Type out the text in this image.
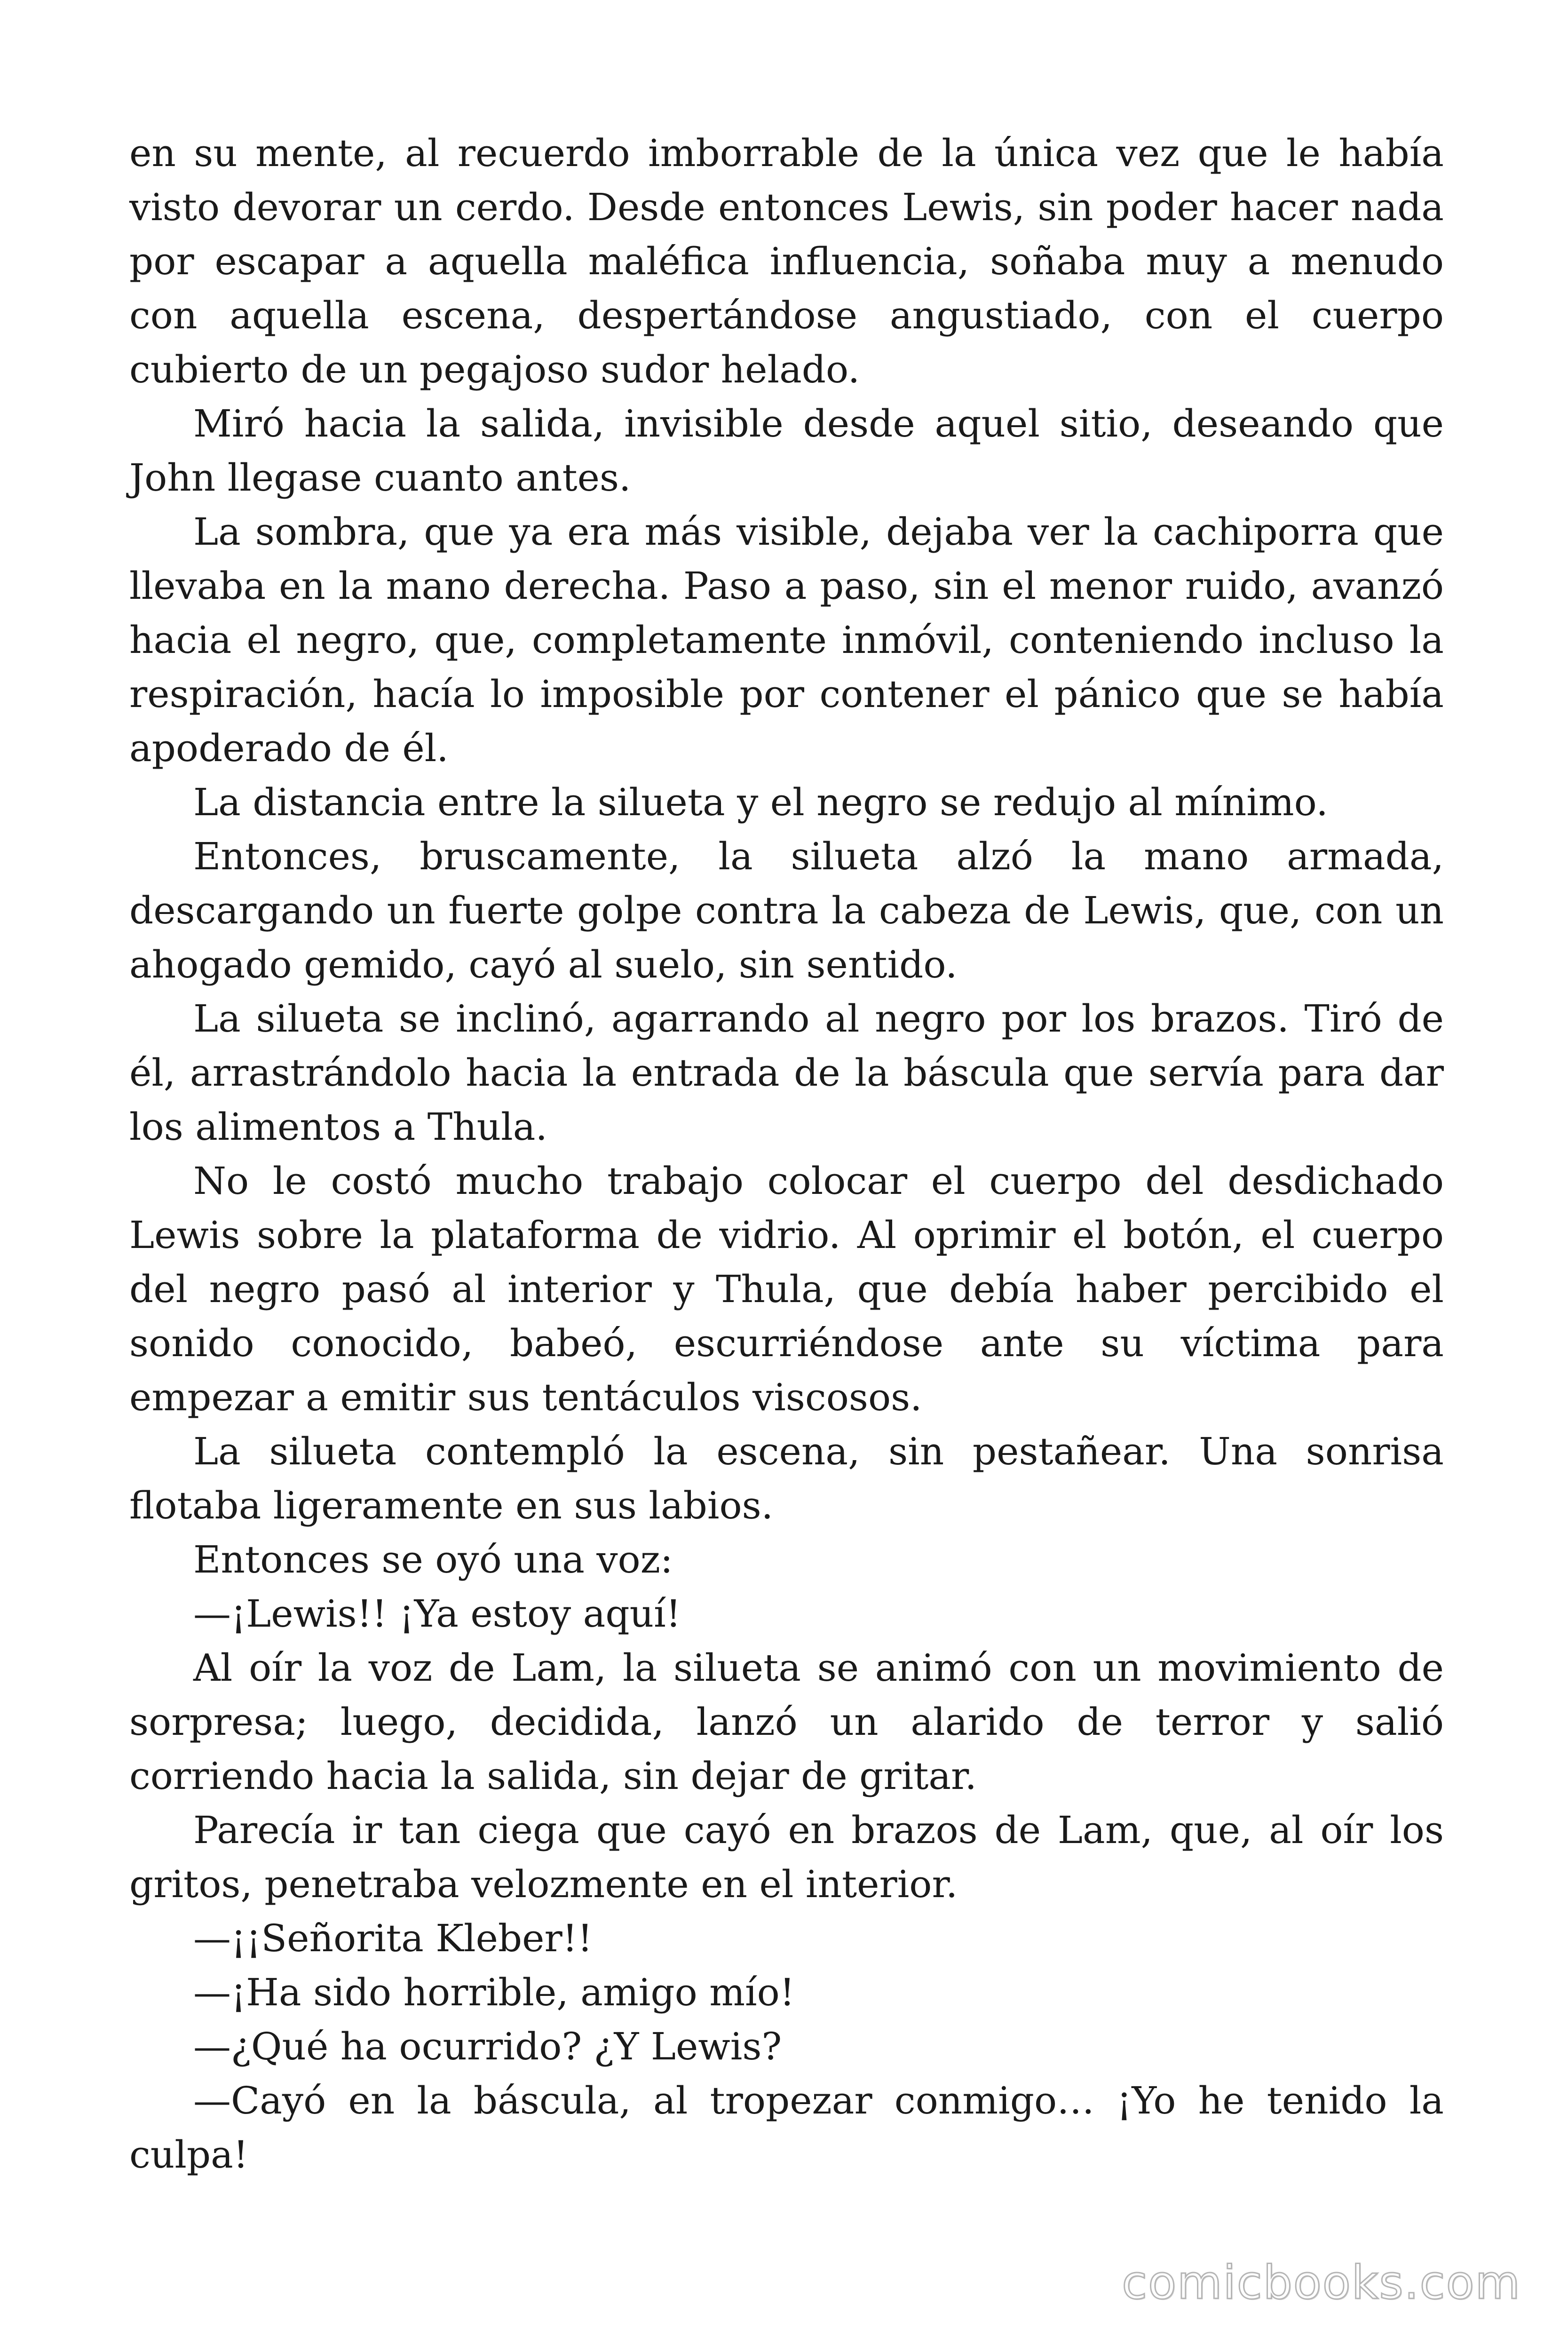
en su mente, al recuerdo imborrable de la única vez que le había visto devorar un cerdo. Desde entonces Lewis, sin poder hacer nada por escapar a aquella maléfica influencia, soñaba muy a menudo con aquella escena, despertándose angustiado, con el cuerpo cubierto de un pegajoso sudor helado.

Miró hacia la salida, invisible desde aquel sitio, deseando que John llegase cuanto antes.

La sombra, que ya era más visible, dejaba ver la cachiporra que llevaba en la mano derecha. Paso a paso, sin el menor ruido, avanzó hacia el negro, que, completamente inmóvil, conteniendo incluso la respiración, hacía lo imposible por contener el pánico que se había apoderado de él.

La distancia entre la silueta y el negro se redujo al mínimo.

Entonces, bruscamente, la silueta alzó la mano armada, descargando un fuerte golpe contra la cabeza de Lewis, que, con un ahogado gemido, cayó al suelo, sin sentido.

La silueta se inclinó, agarrando al negro por los brazos. Tiró de él, arrastrándolo hacia la entrada de la báscula que servía para dar los alimentos a Thula.

No le costó mucho trabajo colocar el cuerpo del desdichado Lewis sobre la plataforma de vidrio. Al oprimir el botón, el cuerpo del negro pasó al interior y Thula, que debía haber percibido el sonido conocido, babeó, escurriéndose ante su víctima para empezar a emitir sus tentáculos viscosos.

La silueta contempló la escena, sin pestañear. Una sonrisa flotaba ligeramente en sus labios.

Entonces se oyó una voz:

—¡Lewis!! ¡Ya estoy aquí!

Al oír la voz de Lam, la silueta se animó con un movimiento de sorpresa; luego, decidida, lanzó un alarido de terror y salió corriendo hacia la salida, sin dejar de gritar.

Parecía ir tan ciega que cayó en brazos de Lam, que, al oír los gritos, penetraba velozmente en el interior.

—¡¡Señorita Kleber!!

—¡Ha sido horrible, amigo mío!

—¿Qué ha ocurrido? ¿Y Lewis?

—Cayó en la báscula, al tropezar conmigo… ¡Yo he tenido la culpa!

comicbooks.com
